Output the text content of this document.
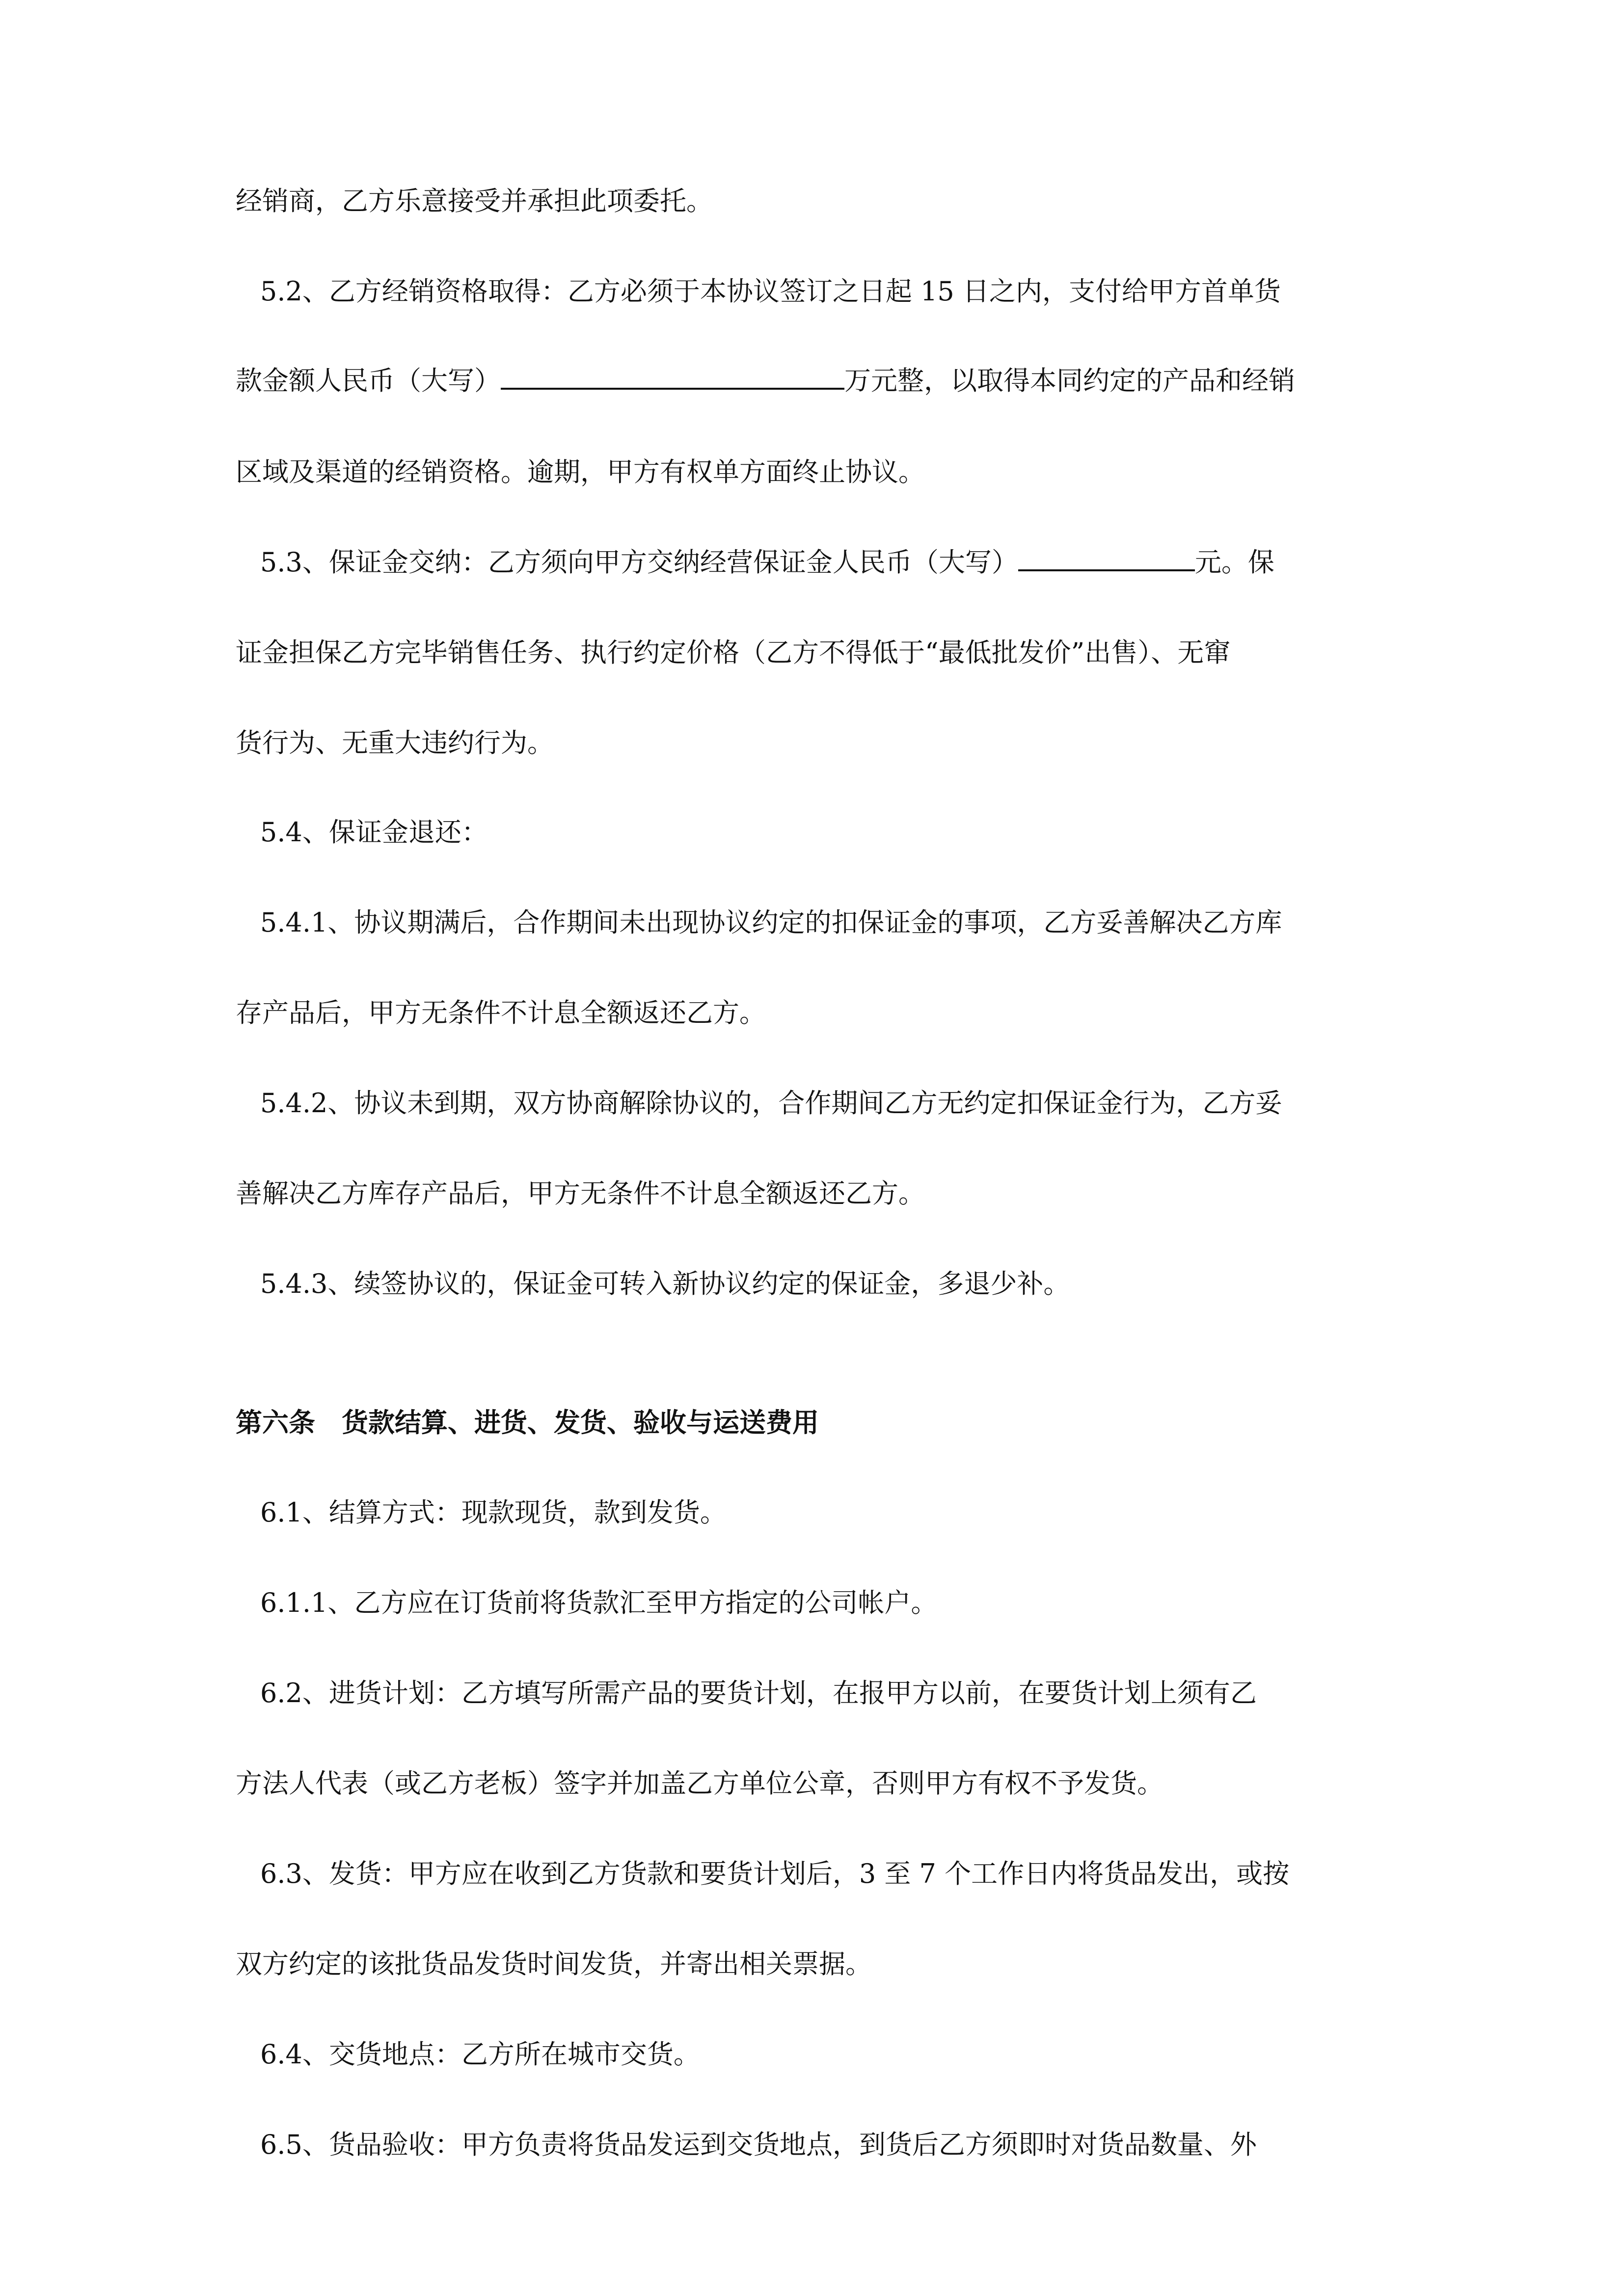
经销商，乙方乐意接受并承担此项委托。
5.2、乙方经销资格取得：乙方必须于本协议签订之日起 15 日之内，支付给甲方首单货
款金额人民币（大写）	万元整，以取得本同约定的产品和经销
区域及渠道的经销资格。逾期，甲方有权单方面终止协议。
5.3、保证金交纳：乙方须向甲方交纳经营保证金人民币（大写）	元。保
证金担保乙方完毕销售任务、执行约定价格（乙方不得低于“最低批发价”出售）、无窜
货行为、无重大违约行为。
5.4、保证金退还：
5.4.1、协议期满后，合作期间未出现协议约定的扣保证金的事项，乙方妥善解决乙方库
存产品后，甲方无条件不计息全额返还乙方。
5.4.2、协议未到期，双方协商解除协议的，合作期间乙方无约定扣保证金行为，乙方妥
善解决乙方库存产品后，甲方无条件不计息全额返还乙方。
5.4.3、续签协议的，保证金可转入新协议约定的保证金，多退少补。
第六条　货款结算、进货、发货、验收与运送费用
6.1、结算方式：现款现货，款到发货。
6.1.1、乙方应在订货前将货款汇至甲方指定的公司帐户。
6.2、进货计划：乙方填写所需产品的要货计划，在报甲方以前，在要货计划上须有乙
方法人代表（或乙方老板）签字并加盖乙方单位公章，否则甲方有权不予发货。
6.3、发货：甲方应在收到乙方货款和要货计划后，3 至 7 个工作日内将货品发出，或按
双方约定的该批货品发货时间发货，并寄出相关票据。
6.4、交货地点：乙方所在城市交货。
6.5、货品验收：甲方负责将货品发运到交货地点，到货后乙方须即时对货品数量、外
